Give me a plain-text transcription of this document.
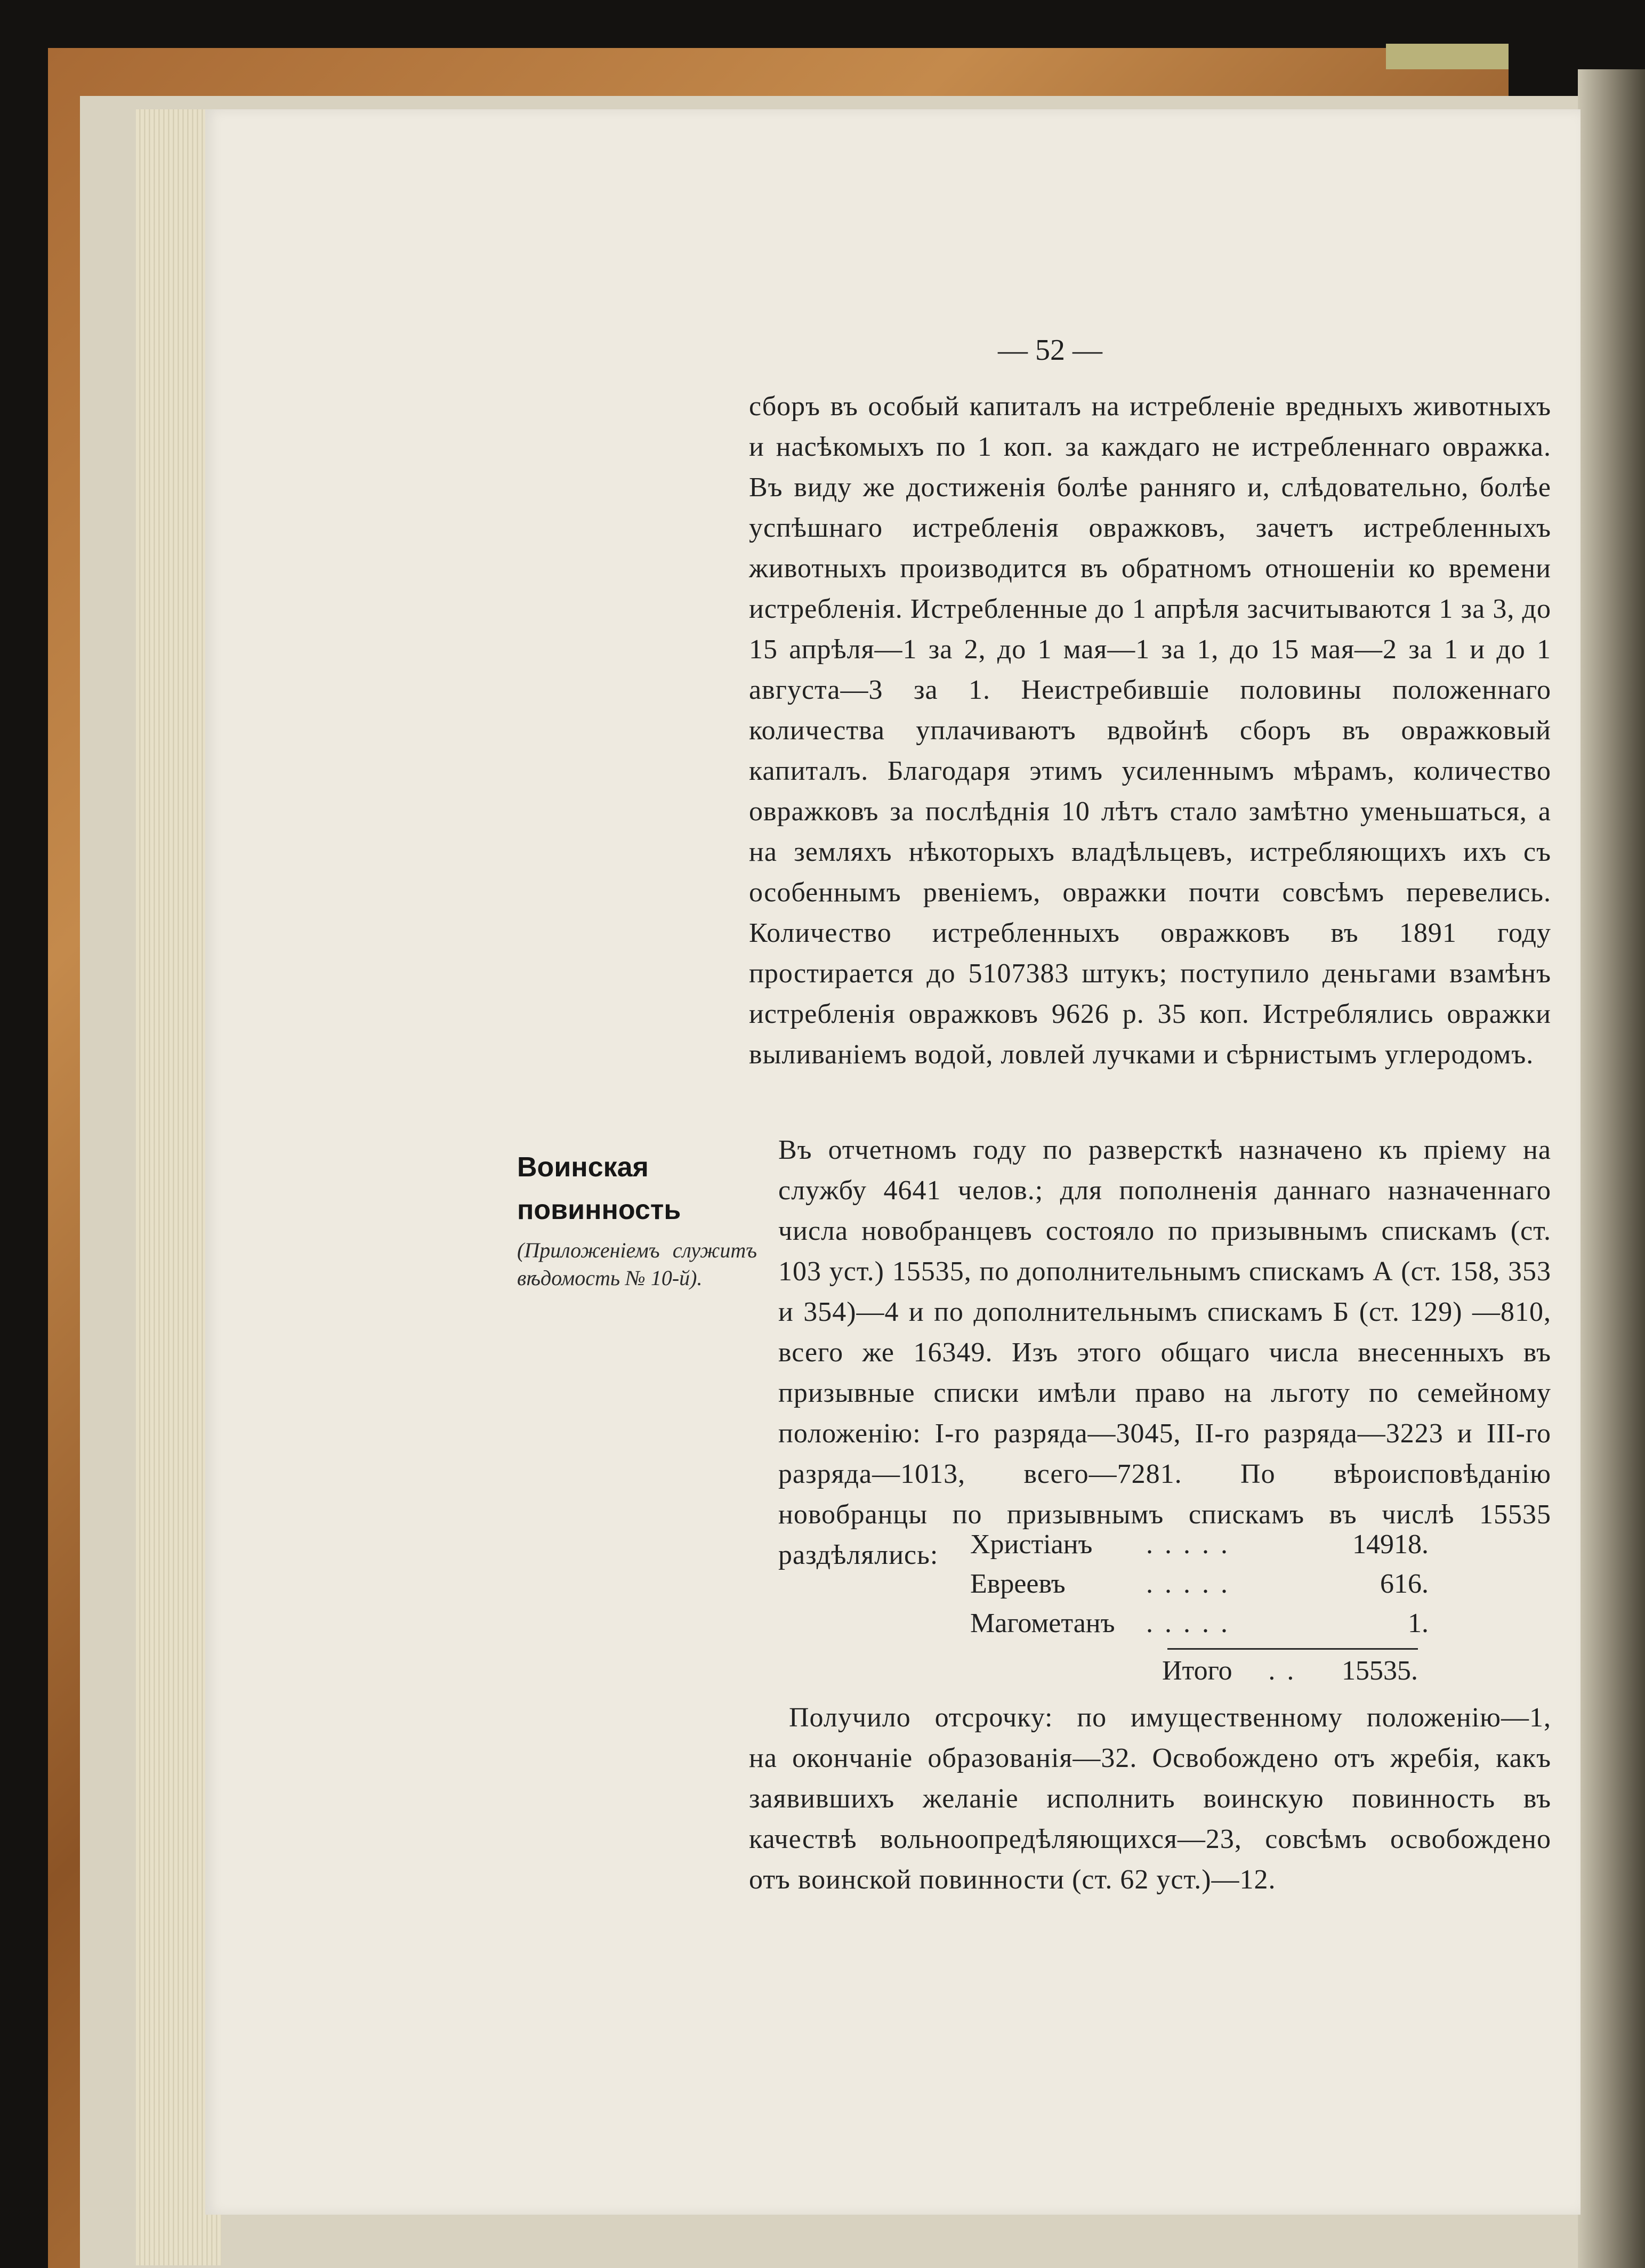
— 52 —
сборъ въ особый капиталъ на истребленіе вредныхъ животныхъ и насѣкомыхъ по 1 коп. за каждаго не истребленнаго овражка. Въ виду же достиженія болѣе ранняго и, слѣдовательно, болѣе успѣшнаго истребленія овражковъ, зачетъ истребленныхъ животныхъ производится въ обратномъ отношеніи ко времени истребленія. Истребленные до 1 апрѣля засчитываются 1 за 3, до 15 апрѣля—1 за 2, до 1 мая—1 за 1, до 15 мая—2 за 1 и до 1 августа—3 за 1. Неистребившіе половины положеннаго количества уплачиваютъ вдвойнѣ сборъ въ овражковый капиталъ. Благодаря этимъ усиленнымъ мѣрамъ, количество овражковъ за послѣднія 10 лѣтъ стало замѣтно уменьшаться, а на земляхъ нѣкоторыхъ владѣльцевъ, истребляющихъ ихъ съ особеннымъ рвеніемъ, овражки почти совсѣмъ перевелись. Количество истребленныхъ овражковъ въ 1891 году простирается до 5107383 штукъ; поступило деньгами взамѣнъ истребленія овражковъ 9626 р. 35 коп. Истреблялись овражки выливаніемъ водой, ловлей лучками и сѣрнистымъ углеродомъ.
Воинская повинность
(Приложеніемъ служитъ вѣдомость № 10-й).
Въ отчетномъ году по разверсткѣ назначено къ пріему на службу 4641 челов.; для пополненія даннаго назначеннаго числа новобранцевъ состояло по призывнымъ спискамъ (ст. 103 уст.) 15535, по дополнительнымъ спискамъ А (ст. 158, 353 и 354)—4 и по дополнительнымъ спискамъ Б (ст. 129) —810, всего же 16349. Изъ этого общаго числа внесенныхъ въ призывные списки имѣли право на льготу по семейному положенію: I-го разряда—3045, II-го разряда—3223 и III-го разряда—1013, всего—7281. По вѣроисповѣданію новобранцы по призывнымъ спискамъ въ числѣ 15535 раздѣлялись:	Христіанъ	.....	14918.
Евреевъ	.....	616.
Магометанъ	.....	1.
Итого .. 15535.
Получило отсрочку: по имущественному положенію—1,
на окончаніе образованія—32. Освобождено отъ жребія, какъ заявившихъ желаніе исполнить воинскую повинность въ качествѣ вольноопредѣляющихся—23, совсѣмъ освобождено отъ воинской повинности (ст. 62 уст.)—12.
